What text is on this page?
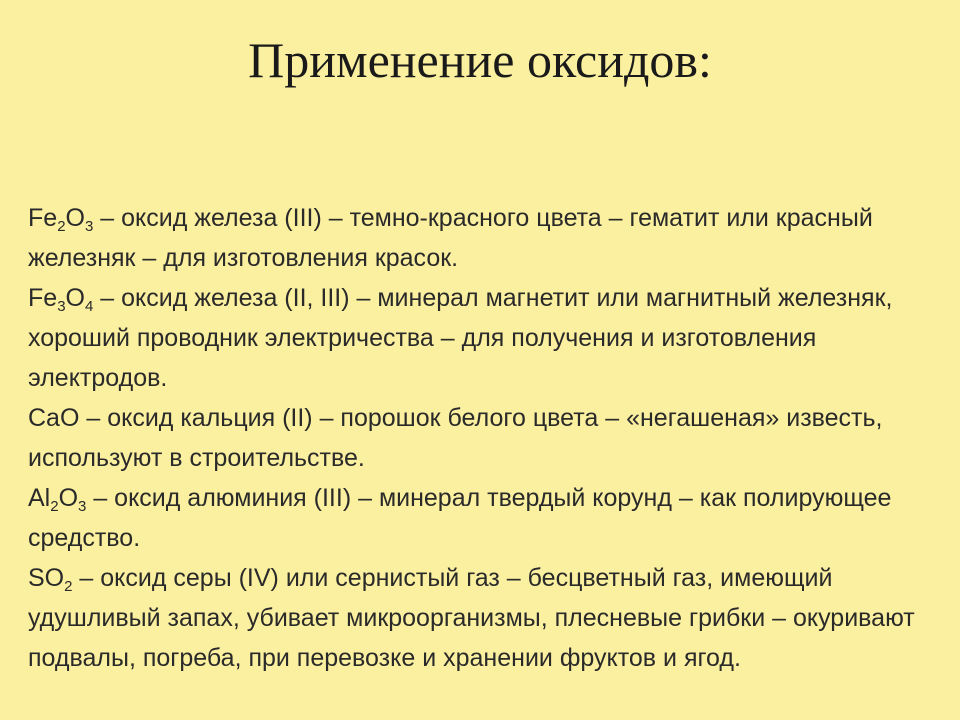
Применение оксидов:

$Fe_2O_3$ – оксид железа (III) – темно-красного цвета – гематит или красный железняк – для изготовления красок.

$Fe_3O_4$ – оксид железа (II, III) – минерал магнетит или магнитный железняк, хороший проводник электричества – для получения и изготовления электродов.

CaO – оксид кальция (II) – порошок белого цвета – «негашеная» известь, используют в строительстве.

$Al_2O_3$ – оксид алюминия (III) – минерал твердый корунд – как полирующее средство.

$SO_2$ – оксид серы (IV) или сернистый газ – бесцветный газ, имеющий удушливый запах, убивает микроорганизмы, плесневые грибки – окуривают подвалы, погреба, при перевозке и хранении фруктов и ягод.
